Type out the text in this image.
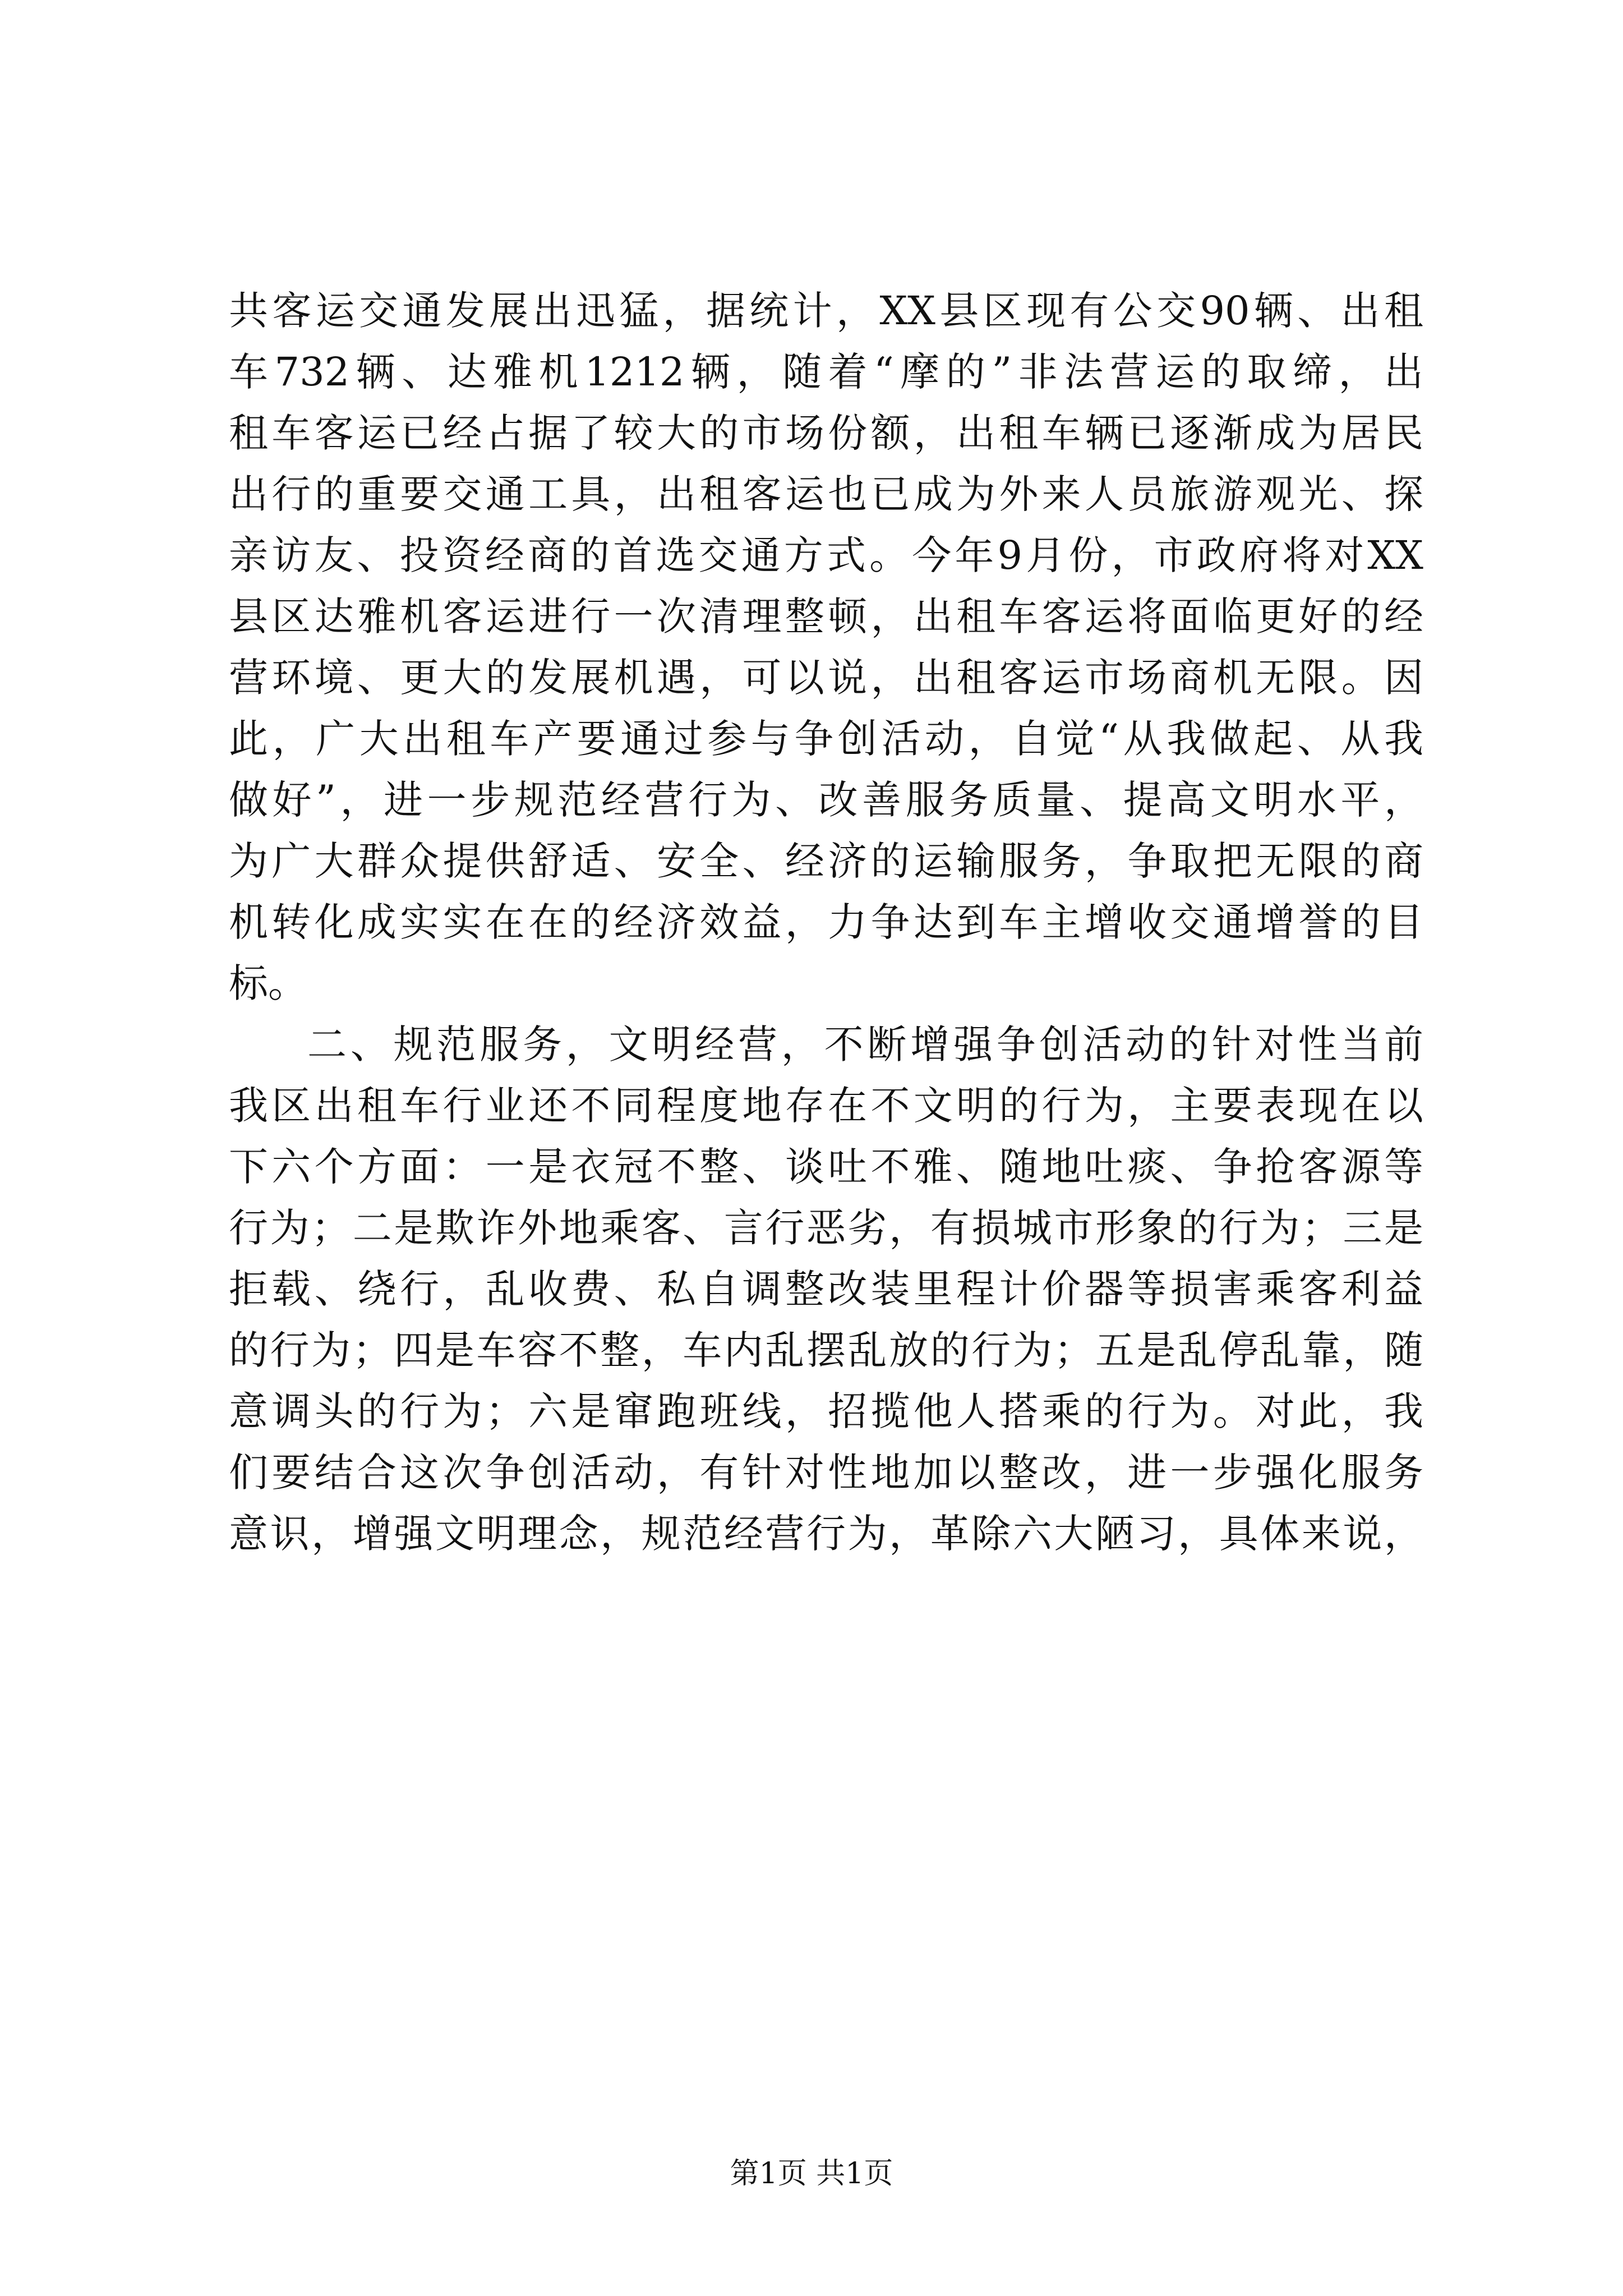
共客运交通发展出迅猛，据统计，XX县区现有公交90辆、出租
车732辆、达雅机1212辆，随着“摩的”非法营运的取缔，出
租车客运已经占据了较大的市场份额，出租车辆已逐渐成为居民
出行的重要交通工具，出租客运也已成为外来人员旅游观光、探
亲访友、投资经商的首选交通方式。今年9月份，市政府将对XX
县区达雅机客运进行一次清理整顿，出租车客运将面临更好的经
营环境、更大的发展机遇，可以说，出租客运市场商机无限。因
此，广大出租车产要通过参与争创活动，自觉“从我做起、从我
做好”，进一步规范经营行为、改善服务质量、提高文明水平，
为广大群众提供舒适、安全、经济的运输服务，争取把无限的商
机转化成实实在在的经济效益，力争达到车主增收交通增誉的目
标。
二、规范服务，文明经营，不断增强争创活动的针对性当前
我区出租车行业还不同程度地存在不文明的行为，主要表现在以
下六个方面：一是衣冠不整、谈吐不雅、随地吐痰、争抢客源等
行为；二是欺诈外地乘客、言行恶劣，有损城市形象的行为；三是
拒载、绕行，乱收费、私自调整改装里程计价器等损害乘客利益
的行为；四是车容不整，车内乱摆乱放的行为；五是乱停乱靠，随
意调头的行为；六是窜跑班线，招揽他人搭乘的行为。对此，我
们要结合这次争创活动，有针对性地加以整改，进一步强化服务
意识，增强文明理念，规范经营行为，革除六大陋习，具体来说，
第1页 共1页
